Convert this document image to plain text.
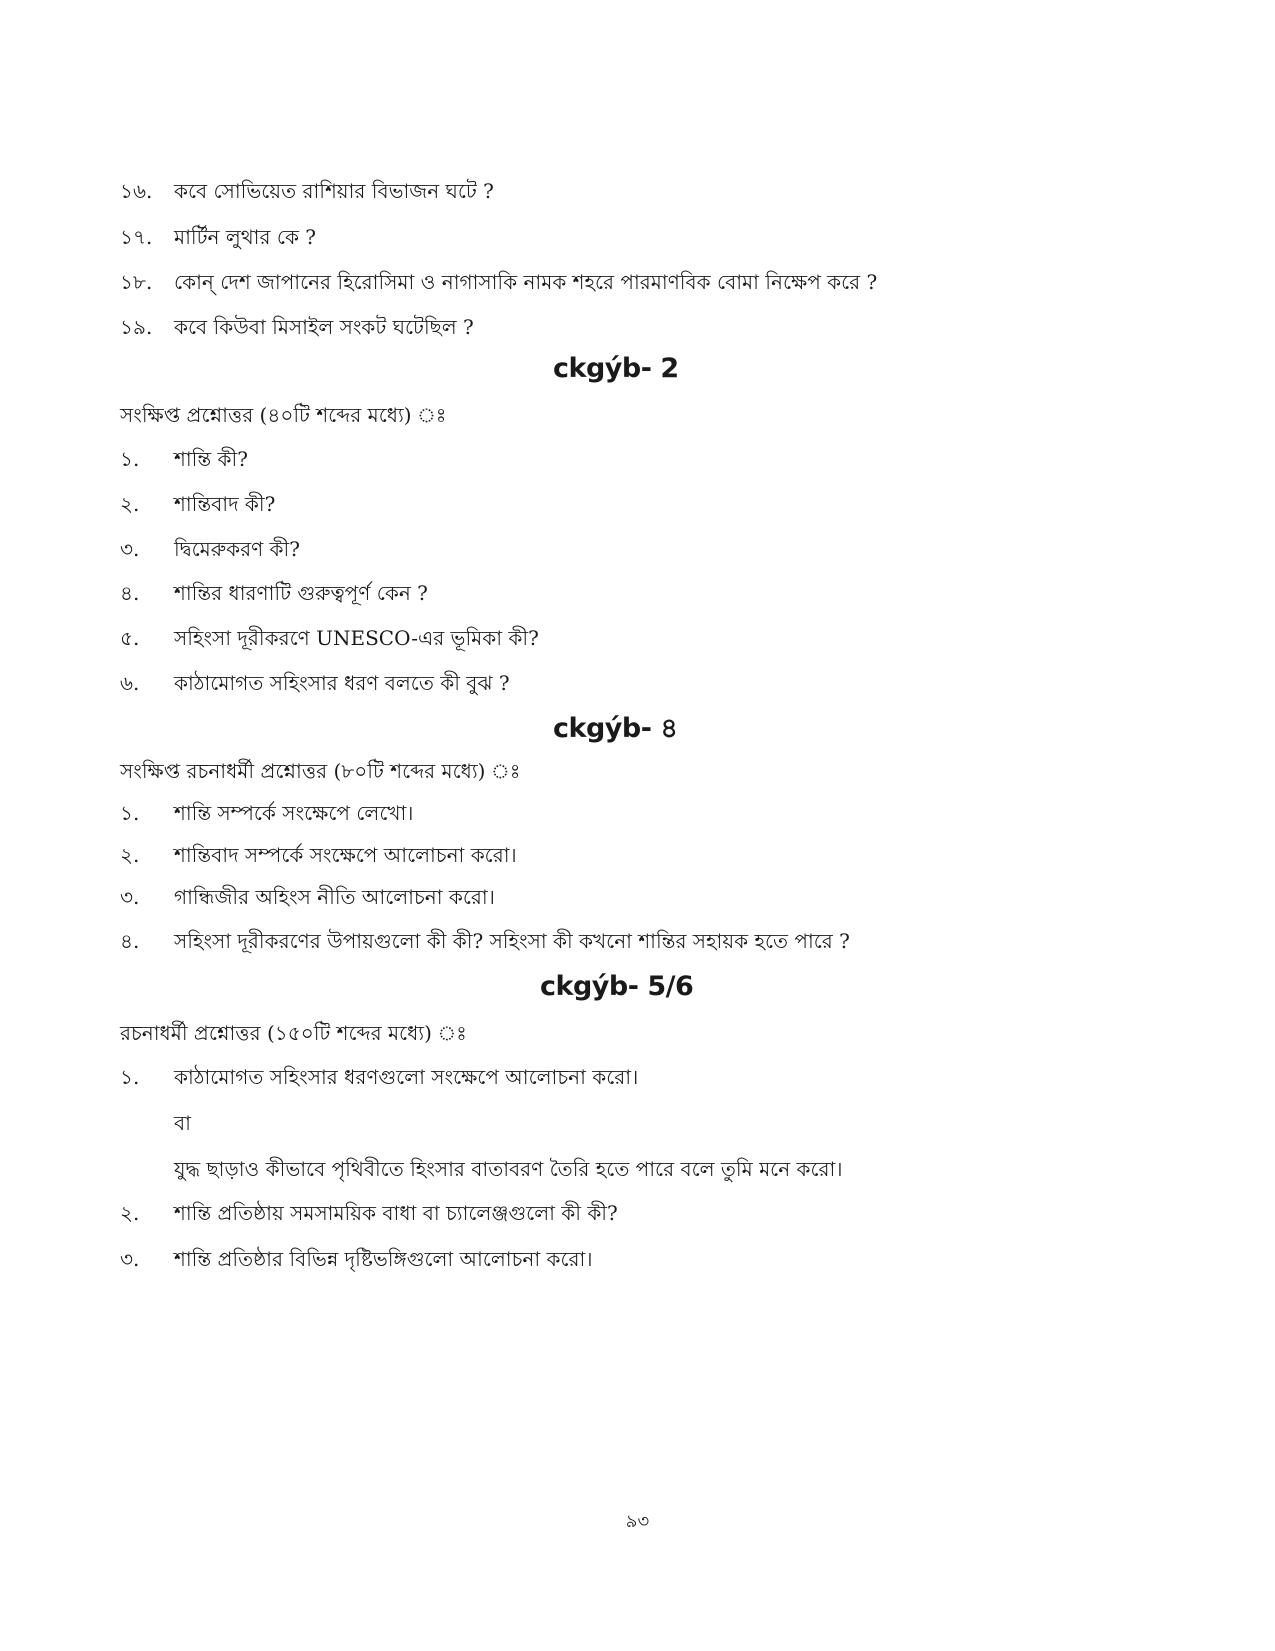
১৬.	কবে সোভিয়েত রাশিয়ার বিভাজন ঘটে ?
১৭.	মার্টিন লুথার কে ?
১৮.	কোন্ দেশ জাপানের হিরোসিমা ও নাগাসাকি নামক শহরে পারমাণবিক বোমা নিক্ষেপ করে ?
১৯.	কবে কিউবা মিসাইল সংকট ঘটেছিল ?
ckgýb- 2
সংক্ষিপ্ত প্রশ্নোত্তর (৪০টি শব্দের মধ্যে) ঃ
১.	শান্তি কী?
২.	শান্তিবাদ কী?
৩.	দ্বিমেরুকরণ কী?
৪.	শান্তির ধারণাটি গুরুত্বপূর্ণ কেন ?
৫.	সহিংসা দূরীকরণে UNESCO-এর ভূমিকা কী?
৬.	কাঠামোগত সহিংসার ধরণ বলতে কী বুঝ ?
ckgýb- ৪
সংক্ষিপ্ত রচনাধর্মী প্রশ্নোত্তর (৮০টি শব্দের মধ্যে) ঃ
১.	শান্তি সম্পর্কে সংক্ষেপে লেখো।
২.	শান্তিবাদ সম্পর্কে সংক্ষেপে আলোচনা করো।
৩.	গান্ধিজীর অহিংস নীতি আলোচনা করো।
৪.	সহিংসা দূরীকরণের উপায়গুলো কী কী? সহিংসা কী কখনো শান্তির সহায়ক হতে পারে ?
ckgýb- 5/6
রচনাধর্মী প্রশ্নোত্তর (১৫০টি শব্দের মধ্যে) ঃ
১.	কাঠামোগত সহিংসার ধরণগুলো সংক্ষেপে আলোচনা করো।
বা
যুদ্ধ ছাড়াও কীভাবে পৃথিবীতে হিংসার বাতাবরণ তৈরি হতে পারে বলে তুমি মনে করো।
২.	শান্তি প্রতিষ্ঠায় সমসাময়িক বাধা বা চ্যালেঞ্জগুলো কী কী?
৩.	শান্তি প্রতিষ্ঠার বিভিন্ন দৃষ্টিভঙ্গিগুলো আলোচনা করো।
৯৩
